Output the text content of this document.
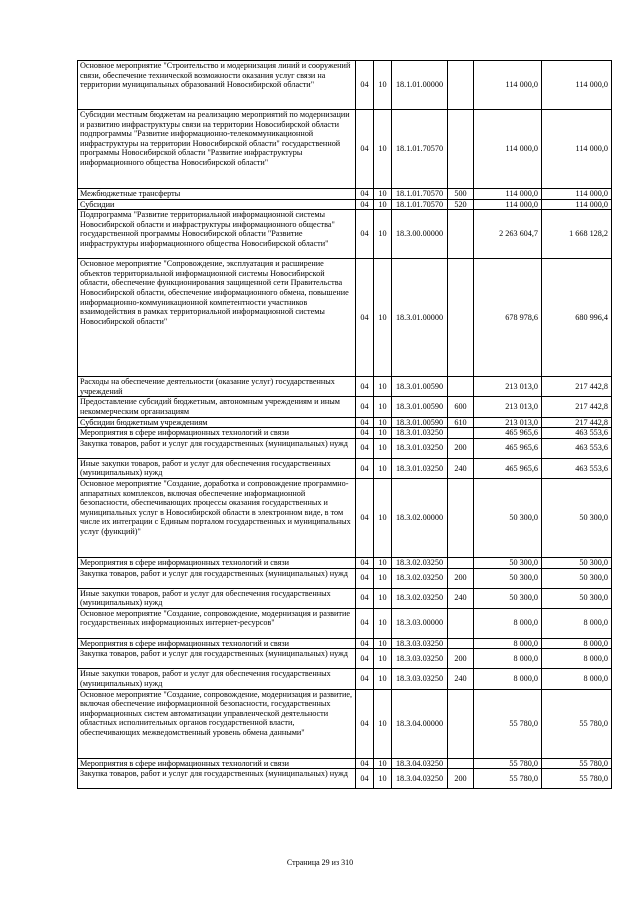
Основное мероприятие "Строительство и модернизация линий и сооружений связи, обеспечение технической возможности оказания услуг связи на территории муниципальных образований Новосибирской области"	04	10	18.1.01.00000		114 000,0	114 000,0
Субсидии местным бюджетам на реализацию мероприятий по модернизации и развитию инфраструктуры связи на территории Новосибирской области подпрограммы "Развитие информационно-телекоммуникационной инфраструктуры на территории Новосибирской области" государственной программы Новосибирской области "Развитие инфраструктуры информационного общества Новосибирской области"	04	10	18.1.01.70570		114 000,0	114 000,0
Межбюджетные трансферты	04	10	18.1.01.70570	500	114 000,0	114 000,0
Субсидии	04	10	18.1.01.70570	520	114 000,0	114 000,0
Подпрограмма "Развитие территориальной информационной системы Новосибирской области и инфраструктуры информационного общества" государственной программы Новосибирской области "Развитие инфраструктуры информационного общества Новосибирской области"	04	10	18.3.00.00000		2 263 604,7	1 668 128,2
Основное мероприятие "Сопровождение, эксплуатация и расширение объектов территориальной информационной системы Новосибирской области, обеспечение функционирования защищенной сети Правительства Новосибирской области, обеспечение информационного обмена, повышение информационно-коммуникационной компетентности участников взаимодействия в рамках территориальной информационной системы Новосибирской области"	04	10	18.3.01.00000		678 978,6	680 996,4
Расходы на обеспечение деятельности (оказание услуг) государственных учреждений	04	10	18.3.01.00590		213 013,0	217 442,8
Предоставление субсидий бюджетным, автономным учреждениям и иным некоммерческим организациям	04	10	18.3.01.00590	600	213 013,0	217 442,8
Субсидии бюджетным учреждениям	04	10	18.3.01.00590	610	213 013,0	217 442,8
Мероприятия в сфере информационных технологий и связи	04	10	18.3.01.03250		465 965,6	463 553,6
Закупка товаров, работ и услуг для государственных (муниципальных) нужд	04	10	18.3.01.03250	200	465 965,6	463 553,6
Иные закупки товаров, работ и услуг для обеспечения государственных (муниципальных) нужд	04	10	18.3.01.03250	240	465 965,6	463 553,6
Основное мероприятие "Создание, доработка и сопровождение программно-аппаратных комплексов, включая обеспечение информационной безопасности, обеспечивающих процессы оказания государственных и муниципальных услуг в Новосибирской области в электронном виде, в том числе их интеграции с Единым порталом государственных и муниципальных услуг (функций)"	04	10	18.3.02.00000		50 300,0	50 300,0
Мероприятия в сфере информационных технологий и связи	04	10	18.3.02.03250		50 300,0	50 300,0
Закупка товаров, работ и услуг для государственных (муниципальных) нужд	04	10	18.3.02.03250	200	50 300,0	50 300,0
Иные закупки товаров, работ и услуг для обеспечения государственных (муниципальных) нужд	04	10	18.3.02.03250	240	50 300,0	50 300,0
Основное мероприятие "Создание, сопровождение, модернизация и развитие государственных информационных интернет-ресурсов"	04	10	18.3.03.00000		8 000,0	8 000,0
Мероприятия в сфере информационных технологий и связи	04	10	18.3.03.03250		8 000,0	8 000,0
Закупка товаров, работ и услуг для государственных (муниципальных) нужд	04	10	18.3.03.03250	200	8 000,0	8 000,0
Иные закупки товаров, работ и услуг для обеспечения государственных (муниципальных) нужд	04	10	18.3.03.03250	240	8 000,0	8 000,0
Основное мероприятие "Создание, сопровождение, модернизация и развитие, включая обеспечение информационной безопасности, государственных информационных систем автоматизации управленческой деятельности областных исполнительных органов государственной власти, обеспечивающих межведомственный уровень обмена данными"	04	10	18.3.04.00000		55 780,0	55 780,0
Мероприятия в сфере информационных технологий и связи	04	10	18.3.04.03250		55 780,0	55 780,0
Закупка товаров, работ и услуг для государственных (муниципальных) нужд	04	10	18.3.04.03250	200	55 780,0	55 780,0
Страница 29 из 310
